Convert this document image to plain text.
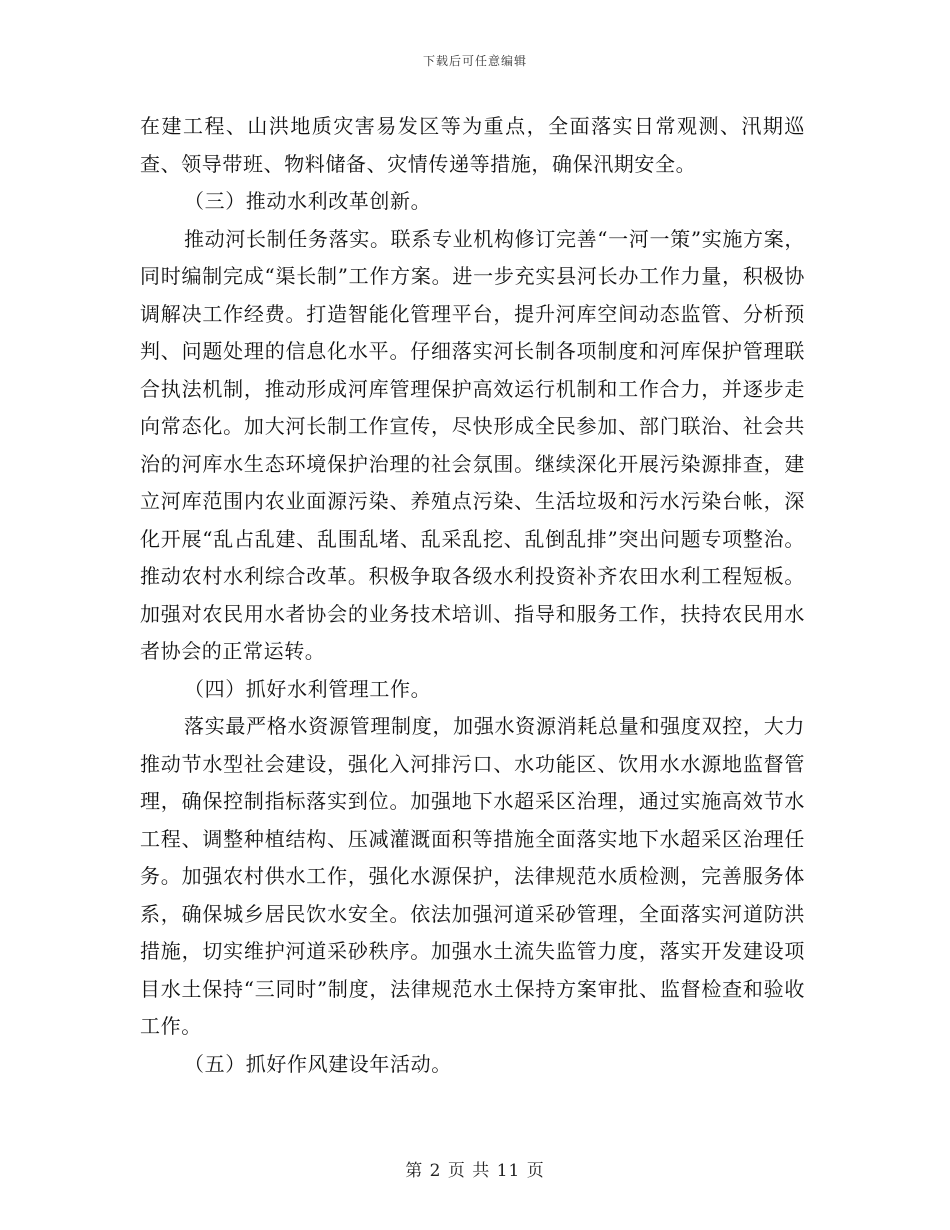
下载后可任意编辑

在建工程、山洪地质灾害易发区等为重点，全面落实日常观测、汛期巡查、领导带班、物料储备、灾情传递等措施，确保汛期安全。

（三）推动水利改革创新。

推动河长制任务落实。联系专业机构修订完善“一河一策”实施方案，同时编制完成“渠长制”工作方案。进一步充实县河长办工作力量，积极协调解决工作经费。打造智能化管理平台，提升河库空间动态监管、分析预判、问题处理的信息化水平。仔细落实河长制各项制度和河库保护管理联合执法机制，推动形成河库管理保护高效运行机制和工作合力，并逐步走向常态化。加大河长制工作宣传，尽快形成全民参加、部门联治、社会共治的河库水生态环境保护治理的社会氛围。继续深化开展污染源排查，建立河库范围内农业面源污染、养殖点污染、生活垃圾和污水污染台帐，深化开展“乱占乱建、乱围乱堵、乱采乱挖、乱倒乱排”突出问题专项整治。推动农村水利综合改革。积极争取各级水利投资补齐农田水利工程短板。加强对农民用水者协会的业务技术培训、指导和服务工作，扶持农民用水者协会的正常运转。

（四）抓好水利管理工作。

落实最严格水资源管理制度，加强水资源消耗总量和强度双控，大力推动节水型社会建设，强化入河排污口、水功能区、饮用水水源地监督管理，确保控制指标落实到位。加强地下水超采区治理，通过实施高效节水工程、调整种植结构、压减灌溉面积等措施全面落实地下水超采区治理任务。加强农村供水工作，强化水源保护，法律规范水质检测，完善服务体系，确保城乡居民饮水安全。依法加强河道采砂管理，全面落实河道防洪措施，切实维护河道采砂秩序。加强水土流失监管力度，落实开发建设项目水土保持“三同时”制度，法律规范水土保持方案审批、监督检查和验收工作。

（五）抓好作风建设年活动。

第 2 页 共 11 页
